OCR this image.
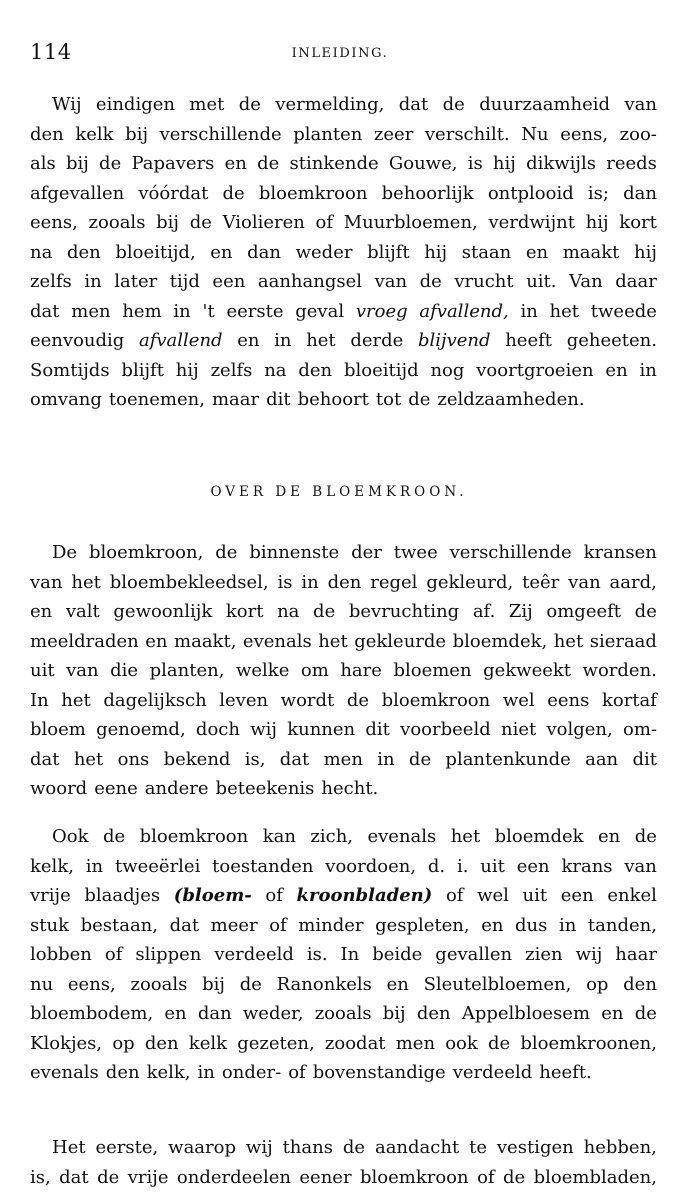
114	INLEIDING.
Wij eindigen met de vermelding, dat de duurzaamheid van
den kelk bij verschillende planten zeer verschilt. Nu eens, zoo-
als bij de Papavers en de stinkende Gouwe, is hij dikwijls reeds
afgevallen vóórdat de bloemkroon behoorlijk ontplooid is; dan
eens, zooals bij de Violieren of Muurbloemen, verdwijnt hij kort
na den bloeitijd, en dan weder blijft hij staan en maakt hij
zelfs in later tijd een aanhangsel van de vrucht uit. Van daar
dat men hem in 't eerste geval vroeg afvallend, in het tweede
eenvoudig afvallend en in het derde blijvend heeft geheeten.
Somtijds blijft hij zelfs na den bloeitijd nog voortgroeien en in
omvang toenemen, maar dit behoort tot de zeldzaamheden.
OVER DE BLOEMKROON.
De bloemkroon, de binnenste der twee verschillende kransen
van het bloembekleedsel, is in den regel gekleurd, teêr van aard,
en valt gewoonlijk kort na de bevruchting af. Zij omgeeft de
meeldraden en maakt, evenals het gekleurde bloemdek, het sieraad
uit van die planten, welke om hare bloemen gekweekt worden.
In het dagelijksch leven wordt de bloemkroon wel eens kortaf
bloem genoemd, doch wij kunnen dit voorbeeld niet volgen, om-
dat het ons bekend is, dat men in de plantenkunde aan dit
woord eene andere beteekenis hecht.
Ook de bloemkroon kan zich, evenals het bloemdek en de
kelk, in tweeërlei toestanden voordoen, d. i. uit een krans van
vrije blaadjes (bloem- of kroonbladen) of wel uit een enkel
stuk bestaan, dat meer of minder gespleten, en dus in tanden,
lobben of slippen verdeeld is. In beide gevallen zien wij haar
nu eens, zooals bij de Ranonkels en Sleutelbloemen, op den
bloembodem, en dan weder, zooals bij den Appelbloesem en de
Klokjes, op den kelk gezeten, zoodat men ook de bloemkroonen,
evenals den kelk, in onder- of bovenstandige verdeeld heeft.
Het eerste, waarop wij thans de aandacht te vestigen hebben,
is, dat de vrije onderdeelen eener bloemkroon of de bloembladen,
